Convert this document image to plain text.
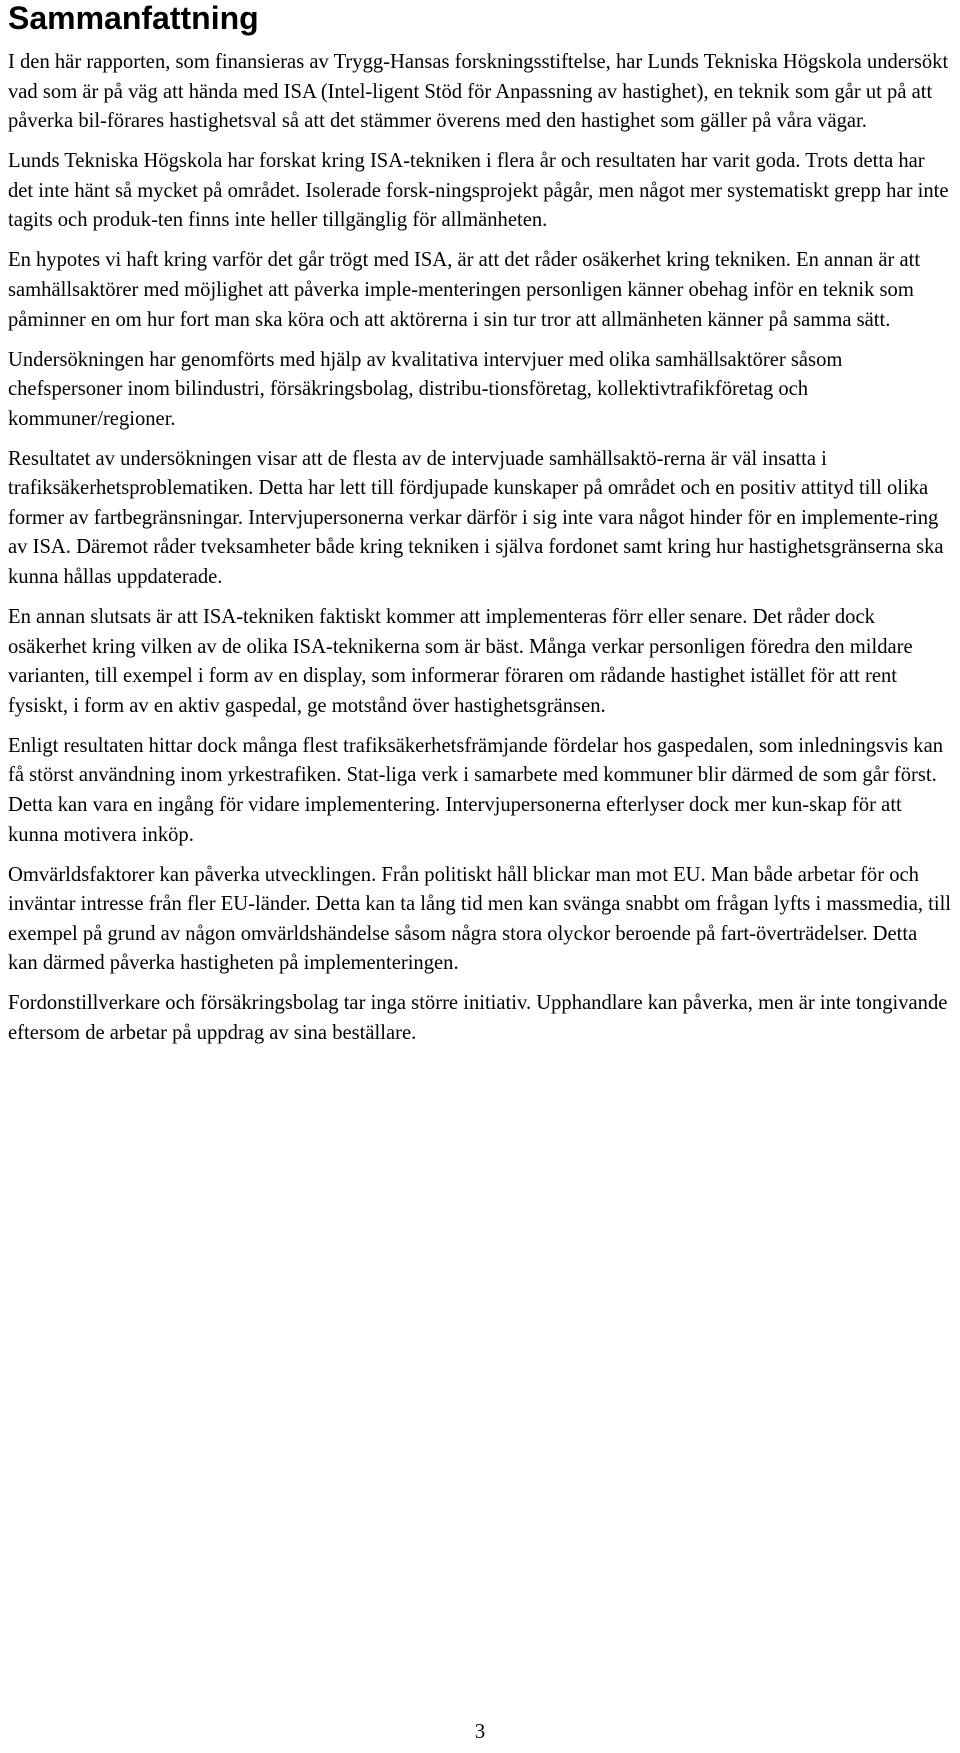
Sammanfattning

I den här rapporten, som finansieras av Trygg-Hansas forskningsstiftelse, har Lunds Tekniska Högskola undersökt vad som är på väg att hända med ISA (Intel-ligent Stöd för Anpassning av hastighet), en teknik som går ut på att påverka bil-förares hastighetsval så att det stämmer överens med den hastighet som gäller på våra vägar.

Lunds Tekniska Högskola har forskat kring ISA-tekniken i flera år och resultaten har varit goda. Trots detta har det inte hänt så mycket på området. Isolerade forsk-ningsprojekt pågår, men något mer systematiskt grepp har inte tagits och produk-ten finns inte heller tillgänglig för allmänheten.

En hypotes vi haft kring varför det går trögt med ISA, är att det råder osäkerhet kring tekniken. En annan är att samhällsaktörer med möjlighet att påverka imple-menteringen personligen känner obehag inför en teknik som påminner en om hur fort man ska köra och att aktörerna i sin tur tror att allmänheten känner på samma sätt.

Undersökningen har genomförts med hjälp av kvalitativa intervjuer med olika samhällsaktörer såsom chefspersoner inom bilindustri, försäkringsbolag, distribu-tionsföretag, kollektivtrafikföretag och kommuner/regioner.

Resultatet av undersökningen visar att de flesta av de intervjuade samhällsaktö-rerna är väl insatta i trafiksäkerhetsproblematiken. Detta har lett till fördjupade kunskaper på området och en positiv attityd till olika former av fartbegränsningar. Intervjupersonerna verkar därför i sig inte vara något hinder för en implemente-ring av ISA. Däremot råder tveksamheter både kring tekniken i själva fordonet samt kring hur hastighetsgränserna ska kunna hållas uppdaterade.

En annan slutsats är att ISA-tekniken faktiskt kommer att implementeras förr eller senare. Det råder dock osäkerhet kring vilken av de olika ISA-teknikerna som är bäst. Många verkar personligen föredra den mildare varianten, till exempel i form av en display, som informerar föraren om rådande hastighet istället för att rent fysiskt, i form av en aktiv gaspedal, ge motstånd över hastighetsgränsen.

Enligt resultaten hittar dock många flest trafiksäkerhetsfrämjande fördelar hos gaspedalen, som inledningsvis kan få störst användning inom yrkestrafiken. Stat-liga verk i samarbete med kommuner blir därmed de som går först. Detta kan vara en ingång för vidare implementering. Intervjupersonerna efterlyser dock mer kun-skap för att kunna motivera inköp.

Omvärldsfaktorer kan påverka utvecklingen. Från politiskt håll blickar man mot EU. Man både arbetar för och inväntar intresse från fler EU-länder. Detta kan ta lång tid men kan svänga snabbt om frågan lyfts i massmedia, till exempel på grund av någon omvärldshändelse såsom några stora olyckor beroende på fart-överträdelser. Detta kan därmed påverka hastigheten på implementeringen.

Fordonstillverkare och försäkringsbolag tar inga större initiativ. Upphandlare kan påverka, men är inte tongivande eftersom de arbetar på uppdrag av sina beställare.

3
